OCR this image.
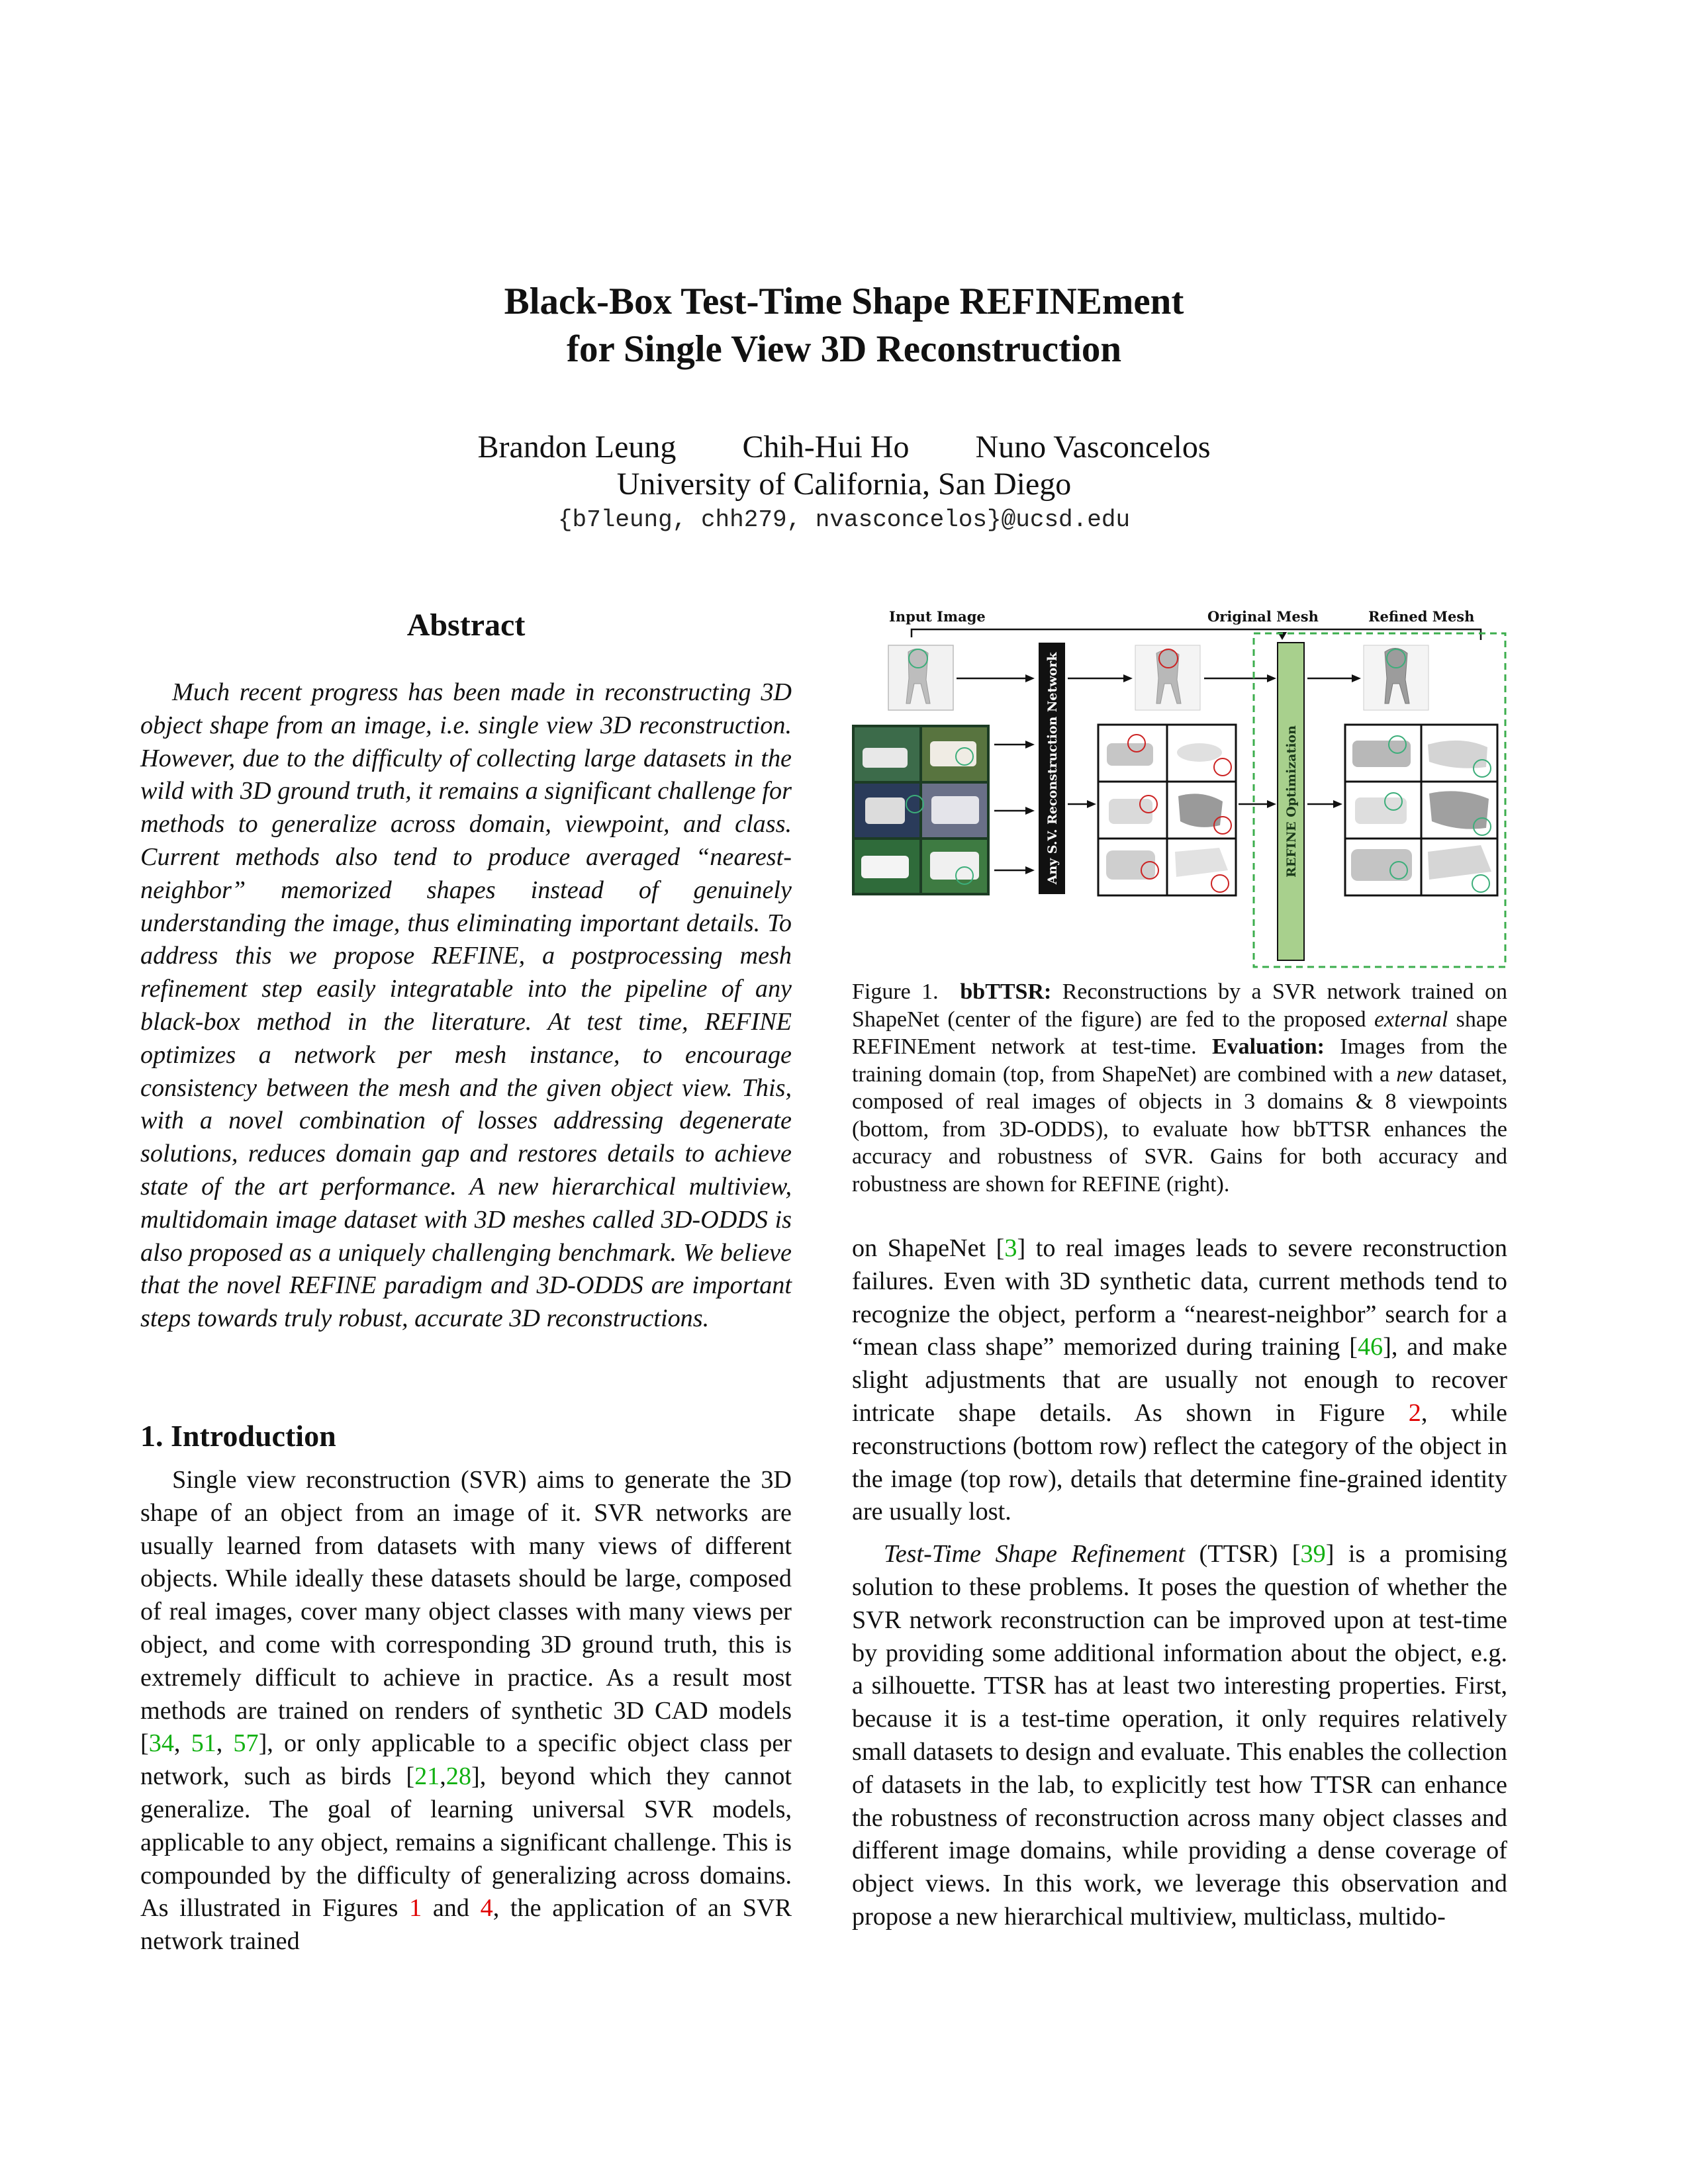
Black-Box Test-Time Shape REFINEment
for Single View 3D Reconstruction
Brandon Leung Chih-Hui Ho Nuno Vasconcelos
University of California, San Diego
{b7leung, chh279, nvasconcelos}@ucsd.edu
Abstract

Much recent progress has been made in reconstructing 3D object shape from an image, i.e. single view 3D reconstruction. However, due to the difficulty of collecting large datasets in the wild with 3D ground truth, it remains a significant challenge for methods to generalize across domain, viewpoint, and class. Current methods also tend to produce averaged “nearest-neighbor” memorized shapes instead of genuinely understanding the image, thus eliminating important details. To address this we propose REFINE, a postprocessing mesh refinement step easily integratable into the pipeline of any black-box method in the literature. At test time, REFINE optimizes a network per mesh instance, to encourage consistency between the mesh and the given object view. This, with a novel combination of losses addressing degenerate solutions, reduces domain gap and restores details to achieve state of the art performance. A new hierarchical multiview, multidomain image dataset with 3D meshes called 3D-ODDS is also proposed as a uniquely challenging benchmark. We believe that the novel REFINE paradigm and 3D-ODDS are important steps towards truly robust, accurate 3D reconstructions.

1. Introduction

Single view reconstruction (SVR) aims to generate the 3D shape of an object from an image of it. SVR networks are usually learned from datasets with many views of different objects. While ideally these datasets should be large, composed of real images, cover many object classes with many views per object, and come with corresponding 3D ground truth, this is extremely difficult to achieve in practice. As a result most methods are trained on renders of synthetic 3D CAD models [34, 51, 57], or only applicable to a specific object class per network, such as birds [21,28], beyond which they cannot generalize. The goal of learning universal SVR models, applicable to any object, remains a significant challenge. This is compounded by the difficulty of generalizing across domains. As illustrated in Figures 1 and 4, the application of an SVR network trained

Input Image	Original Mesh	Refined Mesh
Any S.V. Reconstruction Network	REFINE Optimization
Figure 1. bbTTSR: Reconstructions by a SVR network trained on ShapeNet (center of the figure) are fed to the proposed external shape REFINEment network at test-time. Evaluation: Images from the training domain (top, from ShapeNet) are combined with a new dataset, composed of real images of objects in 3 domains & 8 viewpoints (bottom, from 3D-ODDS), to evaluate how bbTTSR enhances the accuracy and robustness of SVR. Gains for both accuracy and robustness are shown for REFINE (right).

on ShapeNet [3] to real images leads to severe reconstruction failures. Even with 3D synthetic data, current methods tend to recognize the object, perform a “nearest-neighbor” search for a “mean class shape” memorized during training [46], and make slight adjustments that are usually not enough to recover intricate shape details. As shown in Figure 2, while reconstructions (bottom row) reflect the category of the object in the image (top row), details that determine fine-grained identity are usually lost.

Test-Time Shape Refinement (TTSR) [39] is a promising solution to these problems. It poses the question of whether the SVR network reconstruction can be improved upon at test-time by providing some additional information about the object, e.g. a silhouette. TTSR has at least two interesting properties. First, because it is a test-time operation, it only requires relatively small datasets to design and evaluate. This enables the collection of datasets in the lab, to explicitly test how TTSR can enhance the robustness of reconstruction across many object classes and different image domains, while providing a dense coverage of object views. In this work, we leverage this observation and propose a new hierarchical multiview, multiclass, multido-
